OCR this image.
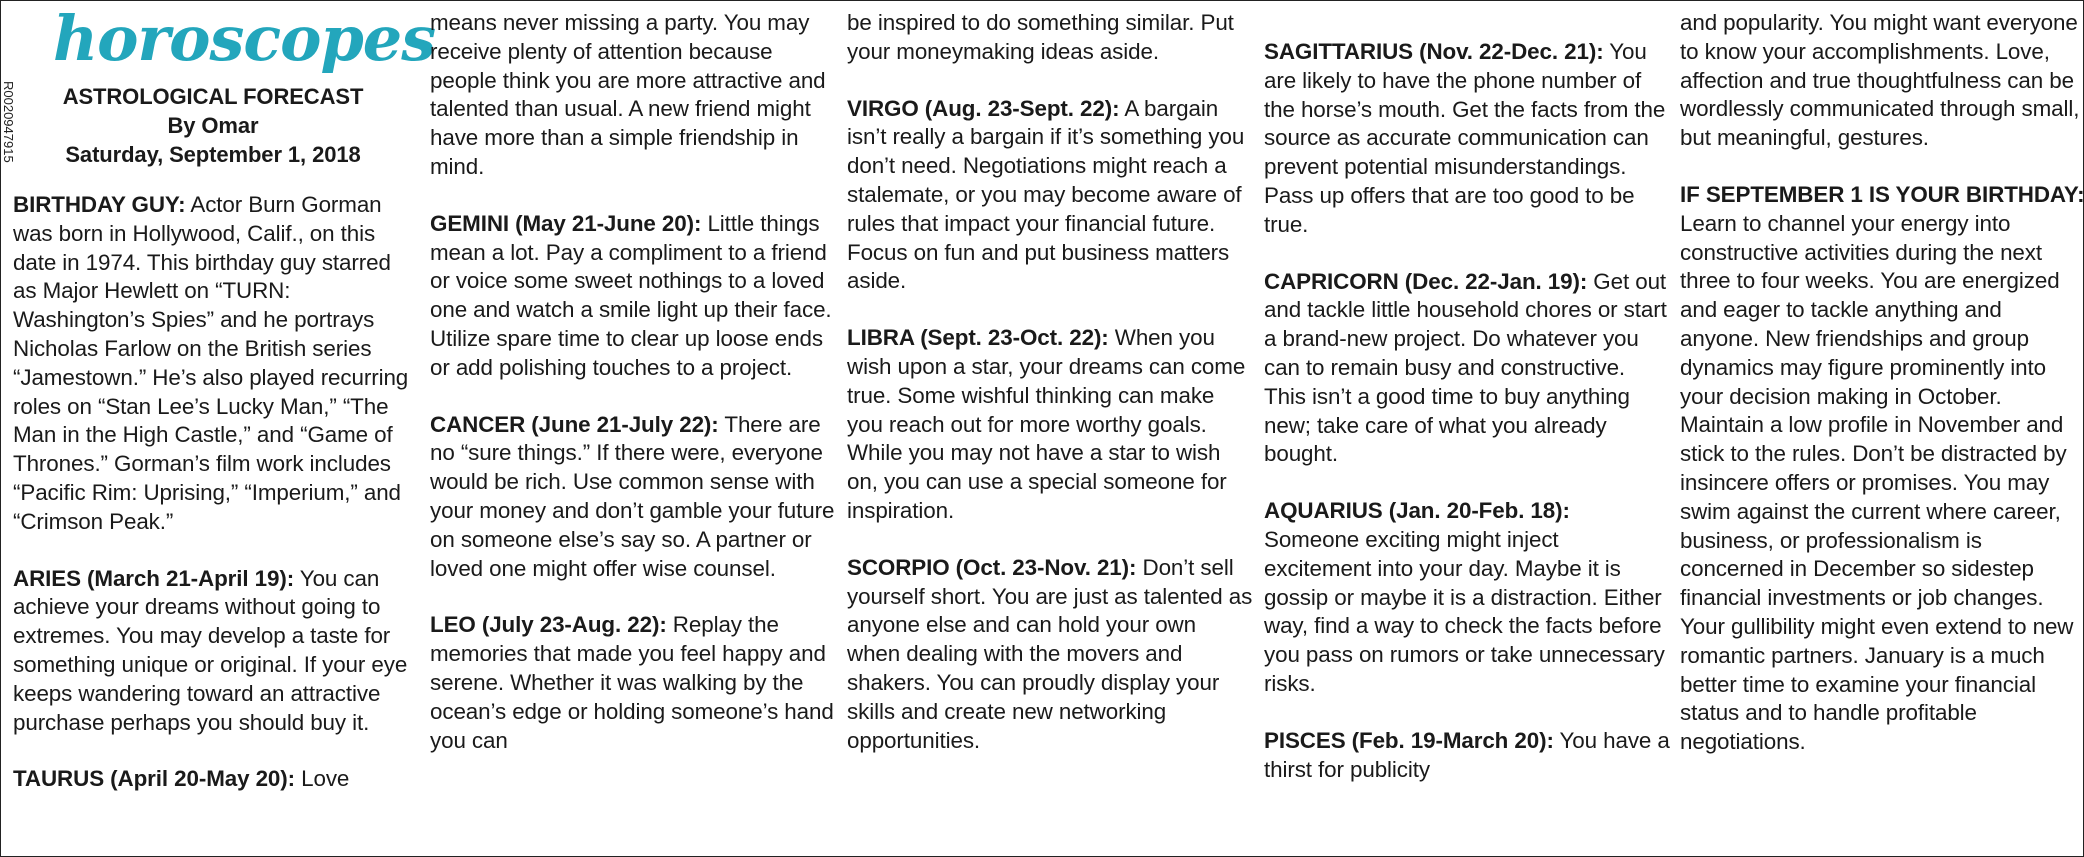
R0020947915
horoscopes
ASTROLOGICAL FORECAST
By Omar
Saturday, September 1, 2018
BIRTHDAY GUY: Actor Burn Gorman was born in Hollywood, Calif., on this date in 1974. This birthday guy starred as Major Hewlett on “TURN: Washington’s Spies” and he portrays Nicholas Farlow on the British series “Jamestown.” He’s also played recurring roles on “Stan Lee’s Lucky Man,” “The Man in the High Castle,” and “Game of Thrones.” Gorman’s film work includes “Pacific Rim: Uprising,” “Imperium,” and “Crimson Peak.”
ARIES (March 21-April 19): You can achieve your dreams without going to extremes. You may develop a taste for something unique or original. If your eye keeps wandering toward an attractive purchase perhaps you should buy it.
TAURUS (April 20-May 20): Love
means never missing a party. You may receive plenty of attention because people think you are more attractive and talented than usual. A new friend might have more than a simple friendship in mind.
GEMINI (May 21-June 20): Little things mean a lot. Pay a compliment to a friend or voice some sweet nothings to a loved one and watch a smile light up their face. Utilize spare time to clear up loose ends or add polishing touches to a project.
CANCER (June 21-July 22): There are no “sure things.” If there were, everyone would be rich. Use common sense with your money and don’t gamble your future on someone else’s say so. A partner or loved one might offer wise counsel.
LEO (July 23-Aug. 22): Replay the memories that made you feel happy and serene. Whether it was walking by the ocean’s edge or holding someone’s hand you can
be inspired to do something similar. Put your moneymaking ideas aside.
VIRGO (Aug. 23-Sept. 22): A bargain isn’t really a bargain if it’s something you don’t need. Negotiations might reach a stalemate, or you may become aware of rules that impact your financial future. Focus on fun and put business matters aside.
LIBRA (Sept. 23-Oct. 22): When you wish upon a star, your dreams can come true. Some wishful thinking can make you reach out for more worthy goals. While you may not have a star to wish on, you can use a special someone for inspiration.
SCORPIO (Oct. 23-Nov. 21): Don’t sell yourself short. You are just as talented as anyone else and can hold your own when dealing with the movers and shakers. You can proudly display your skills and create new networking opportunities.
SAGITTARIUS (Nov. 22-Dec. 21): You are likely to have the phone number of the horse’s mouth. Get the facts from the source as accurate communication can prevent potential misunderstandings. Pass up offers that are too good to be true.
CAPRICORN (Dec. 22-Jan. 19): Get out and tackle little household chores or start a brand-new project. Do whatever you can to remain busy and constructive. This isn’t a good time to buy anything new; take care of what you already bought.
AQUARIUS (Jan. 20-Feb. 18): Someone exciting might inject excitement into your day. Maybe it is gossip or maybe it is a distraction. Either way, find a way to check the facts before you pass on rumors or take unnecessary risks.
PISCES (Feb. 19-March 20): You have a thirst for publicity
and popularity. You might want everyone to know your accomplishments. Love, affection and true thoughtfulness can be wordlessly communicated through small, but meaningful, gestures.
IF SEPTEMBER 1 IS YOUR BIRTHDAY: Learn to channel your energy into constructive activities during the next three to four weeks. You are energized and eager to tackle anything and anyone. New friendships and group dynamics may figure prominently into your decision making in October. Maintain a low profile in November and stick to the rules. Don’t be distracted by insincere offers or promises. You may swim against the current where career, business, or professionalism is concerned in December so sidestep financial investments or job changes. Your gullibility might even extend to new romantic partners. January is a much better time to examine your financial status and to handle profitable negotiations.
